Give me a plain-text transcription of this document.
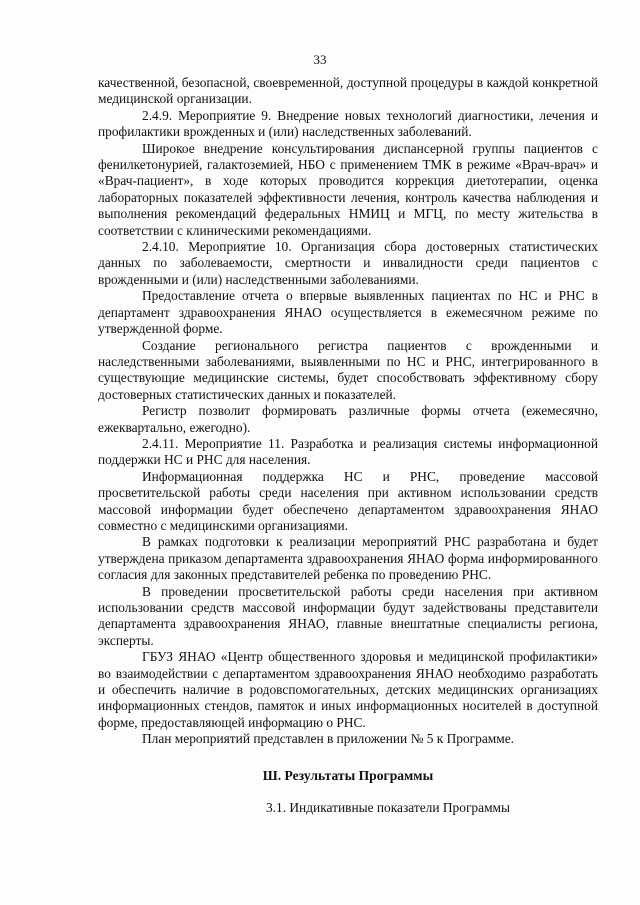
33

качественной, безопасной, своевременной, доступной процедуры в каждой конкретной медицинской организации.

2.4.9. Мероприятие 9. Внедрение новых технологий диагностики, лечения и профилактики врожденных и (или) наследственных заболеваний.

Широкое внедрение консультирования диспансерной группы пациентов с фенилкетонурией, галактоземией, НБО с применением ТМК в режиме «Врач-врач» и «Врач-пациент», в ходе которых проводится коррекция диетотерапии, оценка лабораторных показателей эффективности лечения, контроль качества наблюдения и выполнения рекомендаций федеральных НМИЦ и МГЦ, по месту жительства в соответствии с клиническими рекомендациями.

2.4.10. Мероприятие 10. Организация сбора достоверных статистических данных по заболеваемости, смертности и инвалидности среди пациентов с врожденными и (или) наследственными заболеваниями.

Предоставление отчета о впервые выявленных пациентах по НС и РНС в департамент здравоохранения ЯНАО осуществляется в ежемесячном режиме по утвержденной форме.

Создание регионального регистра пациентов с врожденными и наследственными заболеваниями, выявленными по НС и РНС, интегрированного в существующие медицинские системы, будет способствовать эффективному сбору достоверных статистических данных и показателей.

Регистр позволит формировать различные формы отчета (ежемесячно, ежеквартально, ежегодно).

2.4.11. Мероприятие 11. Разработка и реализация системы информационной поддержки НС и РНС для населения.

Информационная поддержка НС и РНС, проведение массовой просветительской работы среди населения при активном использовании средств массовой информации будет обеспечено департаментом здравоохранения ЯНАО совместно с медицинскими организациями.

В рамках подготовки к реализации мероприятий РНС разработана и будет утверждена приказом департамента здравоохранения ЯНАО форма информированного согласия для законных представителей ребенка по проведению РНС.

В проведении просветительской работы среди населения при активном использовании средств массовой информации будут задействованы представители департамента здравоохранения ЯНАО, главные внештатные специалисты региона, эксперты.

ГБУЗ ЯНАО «Центр общественного здоровья и медицинской профилактики» во взаимодействии с департаментом здравоохранения ЯНАО необходимо разработать и обеспечить наличие в родовспомогательных, детских медицинских организациях информационных стендов, памяток и иных информационных носителей в доступной форме, предоставляющей информацию о РНС.

План мероприятий представлен в приложении № 5 к Программе.

Ш. Результаты Программы

3.1. Индикативные показатели Программы
